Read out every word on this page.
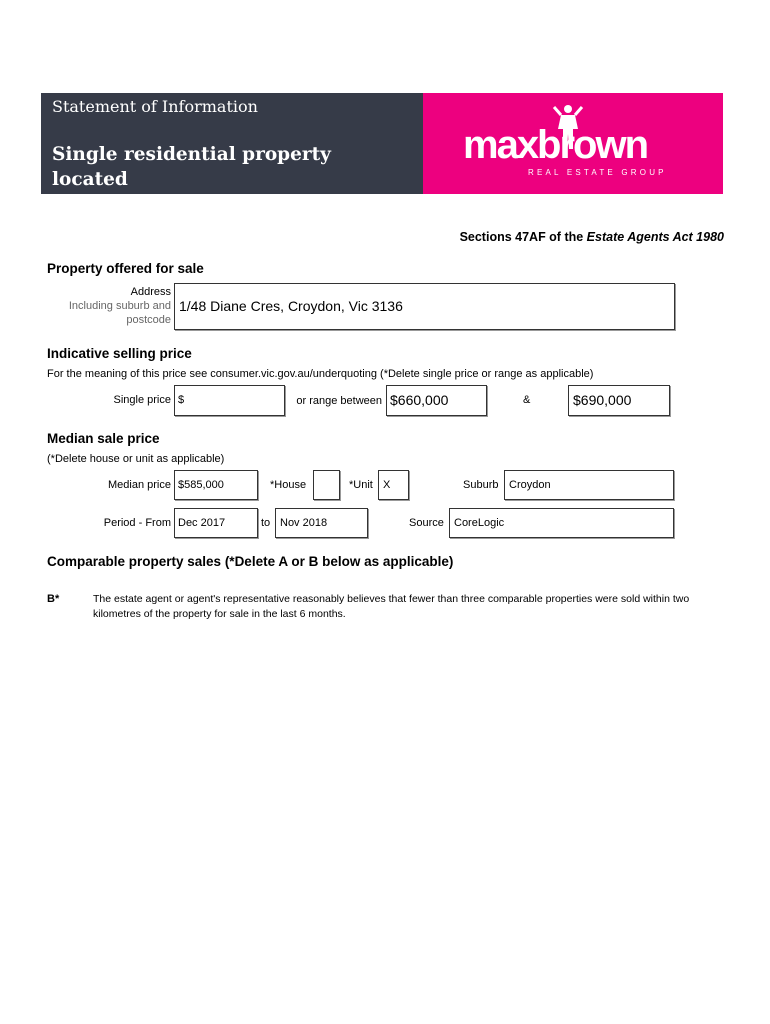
Statement of Information
Single residential property located
in the Melbourne metropolitan area
maxbrown
REAL ESTATE GROUP
Sections 47AF of the Estate Agents Act 1980
Property offered for sale
Address
Including suburb and
postcode
1/48 Diane Cres, Croydon, Vic 3136
Indicative selling price
For the meaning of this price see consumer.vic.gov.au/underquoting (*Delete single price or range as applicable)
Single price $	or range between $660,000	&	$690,000
Median sale price
(*Delete house or unit as applicable)
Median price $585,000	*House	*Unit X	Suburb Croydon
Period - From Dec 2017	to Nov 2018	Source CoreLogic
Comparable property sales (*Delete A or B below as applicable)
B*	The estate agent or agent's representative reasonably believes that fewer than three comparable properties were sold within two kilometres of the property for sale in the last 6 months.
